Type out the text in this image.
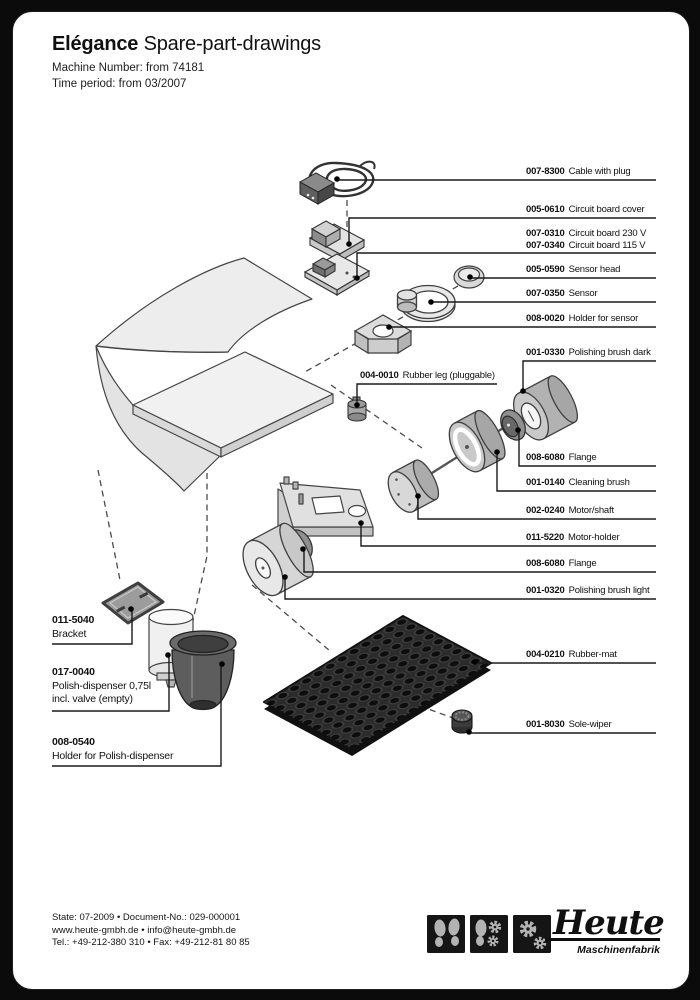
Elégance Spare-part-drawings
Machine Number: from 74181
Time period: from 03/2007
007-8300 Cable with plug
005-0610 Circuit board cover
007-0310 Circuit board 230 V
007-0340 Circuit board 115 V
005-0590 Sensor head
007-0350 Sensor
008-0020 Holder for sensor
001-0330 Polishing brush dark
008-6080 Flange
001-0140 Cleaning brush
002-0240 Motor/shaft
011-5220 Motor-holder
008-6080 Flange
001-0320 Polishing brush light
004-0210 Rubber-mat
001-8030 Sole-wiper
004-0010 Rubber leg (pluggable)
011-5040
Bracket
017-0040
Polish-dispenser 0,75l
incl. valve (empty)
008-0540
Holder for Polish-dispenser
State: 07-2009 • Document-No.: 029-000001
www.heute-gmbh.de • info@heute-gmbh.de
Tel.: +49-212-380 310 • Fax: +49-212-81 80 85	Heute
Maschinenfabrik
